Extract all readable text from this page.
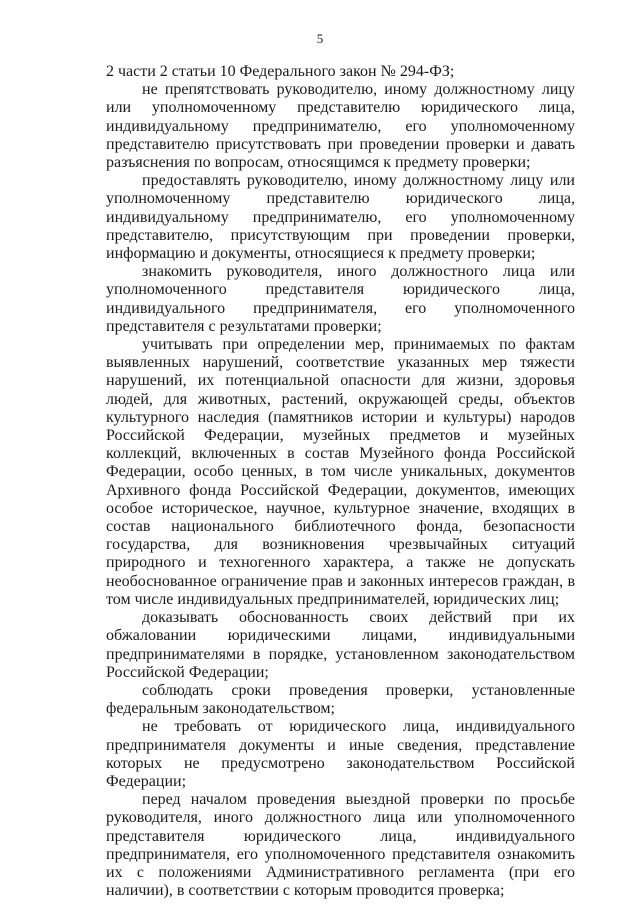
5

2 части 2 статьи 10 Федерального закон № 294-ФЗ;

не препятствовать руководителю, иному должностному лицу или уполномоченному представителю юридического лица, индивидуальному предпринимателю, его уполномоченному представителю присутствовать при проведении проверки и давать разъяснения по вопросам, относящимся к предмету проверки;

предоставлять руководителю, иному должностному лицу или уполномоченному представителю юридического лица, индивидуальному предпринимателю, его уполномоченному представителю, присутствующим при проведении проверки, информацию и документы, относящиеся к предмету проверки;

знакомить руководителя, иного должностного лица или уполномоченного представителя юридического лица, индивидуального предпринимателя, его уполномоченного представителя с результатами проверки;

учитывать при определении мер, принимаемых по фактам выявленных нарушений, соответствие указанных мер тяжести нарушений, их потенциальной опасности для жизни, здоровья людей, для животных, растений, окружающей среды, объектов культурного наследия (памятников истории и культуры) народов Российской Федерации, музейных предметов и музейных коллекций, включенных в состав Музейного фонда Российской Федерации, особо ценных, в том числе уникальных, документов Архивного фонда Российской Федерации, документов, имеющих особое историческое, научное, культурное значение, входящих в состав национального библиотечного фонда, безопасности государства, для возникновения чрезвычайных ситуаций природного и техногенного характера, а также не допускать необоснованное ограничение прав и законных интересов граждан, в том числе индивидуальных предпринимателей, юридических лиц;

доказывать обоснованность своих действий при их обжаловании юридическими лицами, индивидуальными предпринимателями в порядке, установленном законодательством Российской Федерации;

соблюдать сроки проведения проверки, установленные федеральным законодательством;

не требовать от юридического лица, индивидуального предпринимателя документы и иные сведения, представление которых не предусмотрено законодательством Российской Федерации;

перед началом проведения выездной проверки по просьбе руководителя, иного должностного лица или уполномоченного представителя юридического лица, индивидуального предпринимателя, его уполномоченного представителя ознакомить их с положениями Административного регламента (при его наличии), в соответствии с которым проводится проверка;
